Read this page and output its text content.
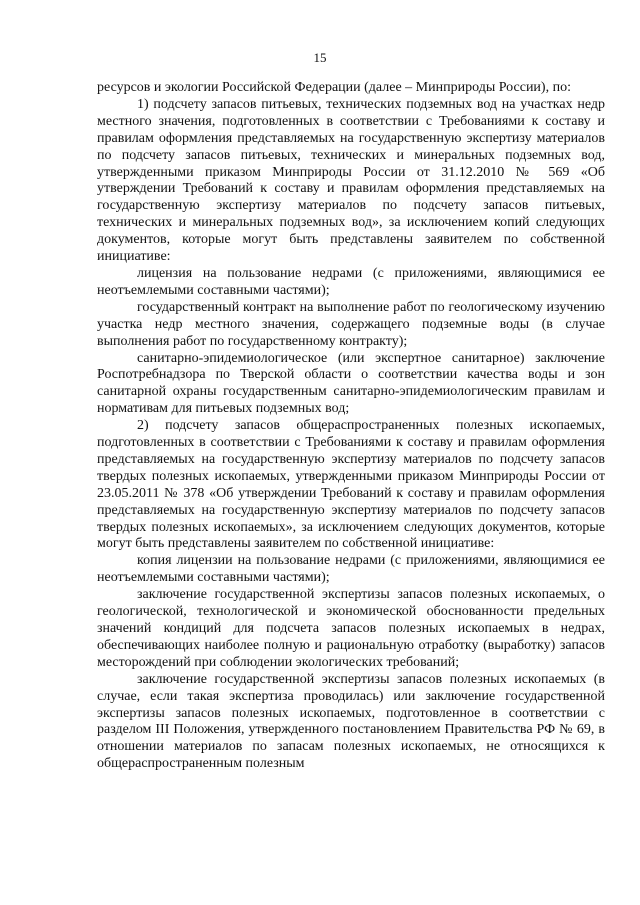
15

ресурсов и экологии Российской Федерации (далее – Минприроды России), по:

1) подсчету запасов питьевых, технических подземных вод на участках недр местного значения, подготовленных в соответствии с Требованиями к составу и правилам оформления представляемых на государственную экспертизу материалов по подсчету запасов питьевых, технических и минеральных подземных вод, утвержденными приказом Минприроды России от 31.12.2010 № 569 «Об утверждении Требований к составу и правилам оформления представляемых на государственную экспертизу материалов по подсчету запасов питьевых, технических и минеральных подземных вод», за исключением копий следующих документов, которые могут быть представлены заявителем по собственной инициативе:

лицензия на пользование недрами (с приложениями, являющимися ее неотъемлемыми составными частями);

государственный контракт на выполнение работ по геологическому изучению участка недр местного значения, содержащего подземные воды (в случае выполнения работ по государственному контракту);

санитарно-эпидемиологическое (или экспертное санитарное) заключение Роспотребнадзора по Тверской области о соответствии качества воды и зон санитарной охраны государственным санитарно-эпидемиологическим правилам и нормативам для питьевых подземных вод;

2) подсчету запасов общераспространенных полезных ископаемых, подготовленных в соответствии с Требованиями к составу и правилам оформления представляемых на государственную экспертизу материалов по подсчету запасов твердых полезных ископаемых, утвержденными приказом Минприроды России от 23.05.2011 № 378 «Об утверждении Требований к составу и правилам оформления представляемых на государственную экспертизу материалов по подсчету запасов твердых полезных ископаемых», за исключением следующих документов, которые могут быть представлены заявителем по собственной инициативе:

копия лицензии на пользование недрами (с приложениями, являющимися ее неотъемлемыми составными частями);

заключение государственной экспертизы запасов полезных ископаемых, о геологической, технологической и экономической обоснованности предельных значений кондиций для подсчета запасов полезных ископаемых в недрах, обеспечивающих наиболее полную и рациональную отработку (выработку) запасов месторождений при соблюдении экологических требований;

заключение государственной экспертизы запасов полезных ископаемых (в случае, если такая экспертиза проводилась) или заключение государственной экспертизы запасов полезных ископаемых, подготовленное в соответствии с разделом III Положения, утвержденного постановлением Правительства РФ № 69, в отношении материалов по запасам полезных ископаемых, не относящихся к общераспространенным полезным
